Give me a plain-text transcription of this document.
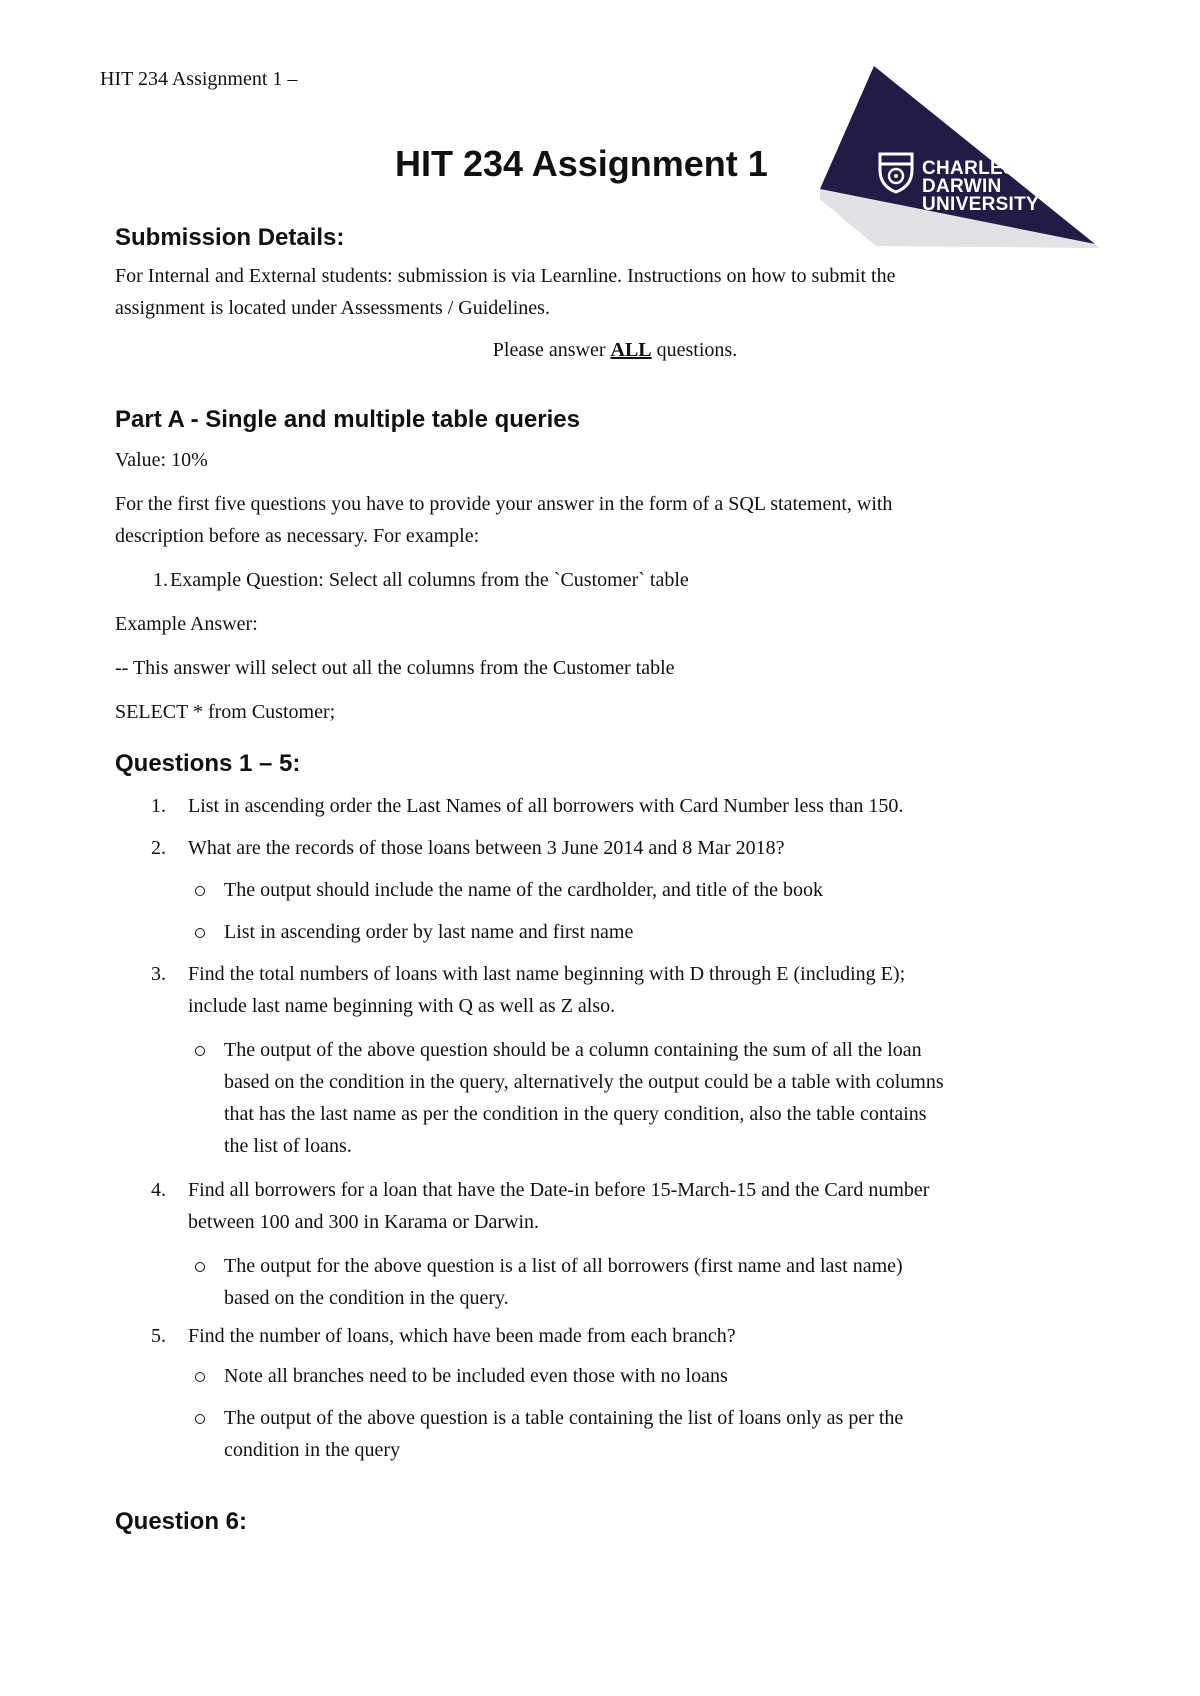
HIT 234 Assignment 1 –
HIT 234 Assignment 1	CHARLES
DARWIN
UNIVERSITY
Submission Details:

For Internal and External students: submission is via Learnline. Instructions on how to submit the

assignment is located under Assessments / Guidelines.

Please answer ALL questions.

Part A - Single and multiple table queries

Value: 10%

For the first five questions you have to provide your answer in the form of a SQL statement, with

description before as necessary. For example:

1. Example Question: Select all columns from the `Customer` table

Example Answer:

-- This answer will select out all the columns from the Customer table

SELECT * from Customer;

Questions 1 – 5:
1. List in ascending order the Last Names of all borrowers with Card Number less than 150.
2. What are the records of those loans between 3 June 2014 and 8 Mar 2018?
The output should include the name of the cardholder, and title of the book
List in ascending order by last name and first name
3. Find the total numbers of loans with last name beginning with D through E (including E);
include last name beginning with Q as well as Z also.
The output of the above question should be a column containing the sum of all the loan
based on the condition in the query, alternatively the output could be a table with columns
that has the last name as per the condition in the query condition, also the table contains
the list of loans.
4. Find all borrowers for a loan that have the Date-in before 15-March-15 and the Card number
between 100 and 300 in Karama or Darwin.
The output for the above question is a list of all borrowers (first name and last name)
based on the condition in the query.
5. Find the number of loans, which have been made from each branch?
Note all branches need to be included even those with no loans
The output of the above question is a table containing the list of loans only as per the
condition in the query
Question 6:
